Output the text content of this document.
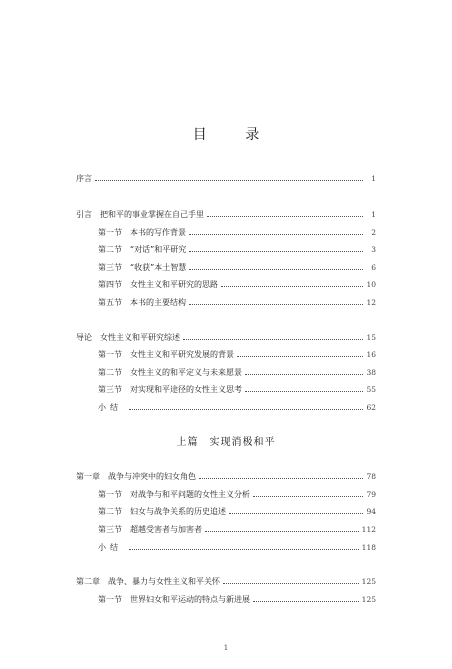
目 录
序言	1
引言 把和平的事业掌握在自己手里	1
第一节 本书的写作背景	2
第二节 “对话”和平研究	3
第三节 “收获”本土智慧	6
第四节 女性主义和平研究的思路	10
第五节 本书的主要结构	12
导论 女性主义和平研究综述	15
第一节 女性主义和平研究发展的背景	16
第二节 女性主义的和平定义与未来愿景	38
第三节 对实现和平途径的女性主义思考	55
小结	62
上篇　实现消极和平
第一章 战争与冲突中的妇女角色	78
第一节 对战争与和平问题的女性主义分析	79
第二节 妇女与战争关系的历史追述	94
第三节 超越受害者与加害者	112
小结	118
第二章 战争、暴力与女性主义和平关怀	125
第一节 世界妇女和平运动的特点与新进展	125
1
